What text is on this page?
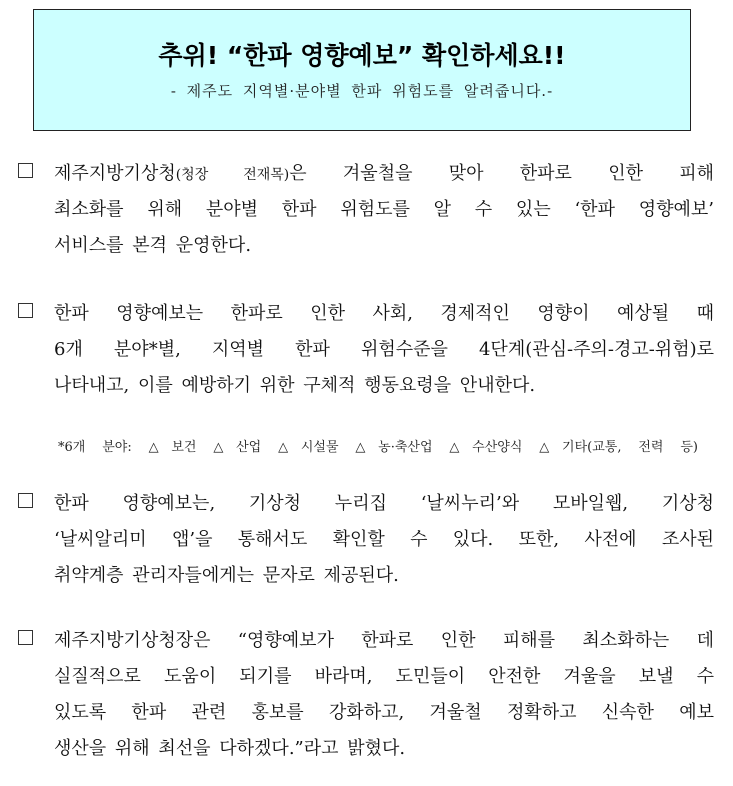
추위! “한파 영향예보” 확인하세요!!
- 제주도 지역별·분야별 한파 위험도를 알려줍니다.-
제주지방기상청(청장 전재목)은 겨울철을 맞아 한파로 인한 피해
최소화를 위해 분야별 한파 위험도를 알 수 있는 ‘한파 영향예보’
서비스를 본격 운영한다.
한파 영향예보는 한파로 인한 사회, 경제적인 영향이 예상될 때
6개 분야*별, 지역별 한파 위험수준을 4단계(관심-주의-경고-위험)로
나타내고, 이를 예방하기 위한 구체적 행동요령을 안내한다.
*6개 분야: △보건 △산업 △시설물 △농·축산업 △수산양식 △기타(교통, 전력 등)
한파 영향예보는, 기상청 누리집 ‘날씨누리’와 모바일웹, 기상청
‘날씨알리미 앱’을 통해서도 확인할 수 있다. 또한, 사전에 조사된
취약계층 관리자들에게는 문자로 제공된다.
제주지방기상청장은 “영향예보가 한파로 인한 피해를 최소화하는 데
실질적으로 도움이 되기를 바라며, 도민들이 안전한 겨울을 보낼 수
있도록 한파 관련 홍보를 강화하고, 겨울철 정확하고 신속한 예보
생산을 위해 최선을 다하겠다.”라고 밝혔다.
